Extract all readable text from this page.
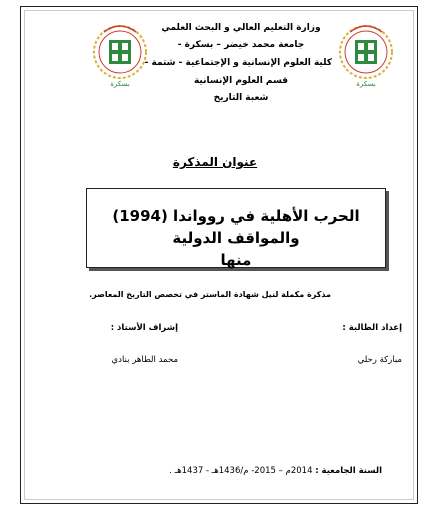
وزارة التعليم العالي و البحث العلمي
جامعة محمد خيضر – بسكرة -
كلية العلوم الإنسانية و الإجتماعية - شتمة -
قسم العلوم الإنسانية
شعبة التاريخ
بسكرة	بسكرة
عنوان المذكرة
الحرب الأهلية في روواندا (1994) والمواقف الدولية
منها
مذكرة مكملة لنيل شهادة الماستر في تخصص التاريخ المعاصر.
إعداد الطالبة :
مباركة رحلي
إشراف الأستاذ :
محمد الطاهر بنادي
السنة الجامعية : 2014م – 2015- م/1436هـ - 1437هـ .
